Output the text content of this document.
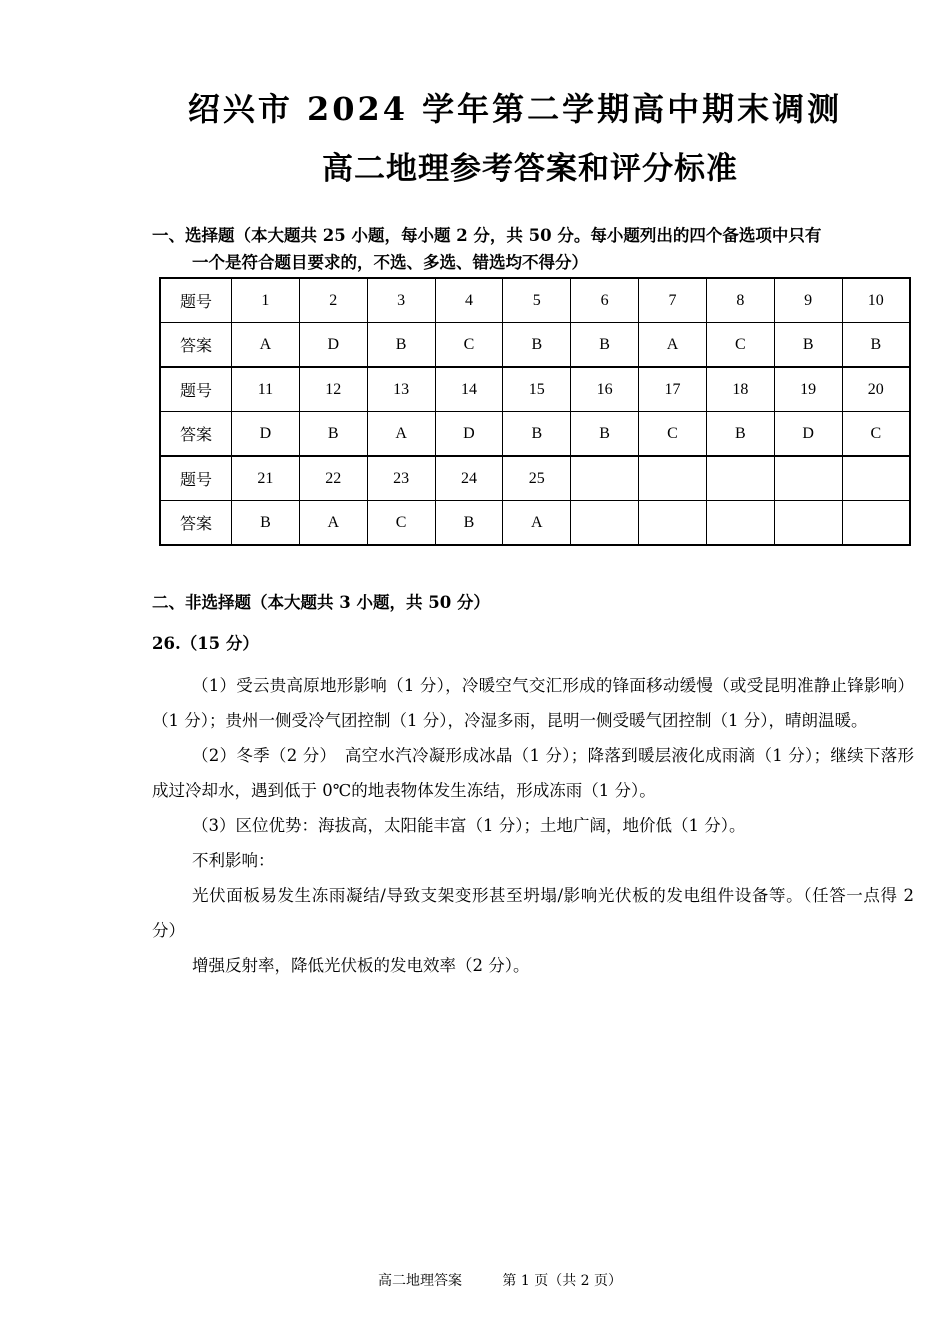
绍兴市 2024 学年第二学期高中期末调测
高二地理参考答案和评分标准
一、选择题（本大题共 25 小题，每小题 2 分，共 50 分。每小题列出的四个备选项中只有
一个是符合题目要求的，不选、多选、错选均不得分）
题号	1	2	3	4	5	6	7	8	9	10
答案	A	D	B	C	B	B	A	C	B	B
题号	11	12	13	14	15	16	17	18	19	20
答案	D	B	A	D	B	B	C	B	D	C
题号	21	22	23	24	25					
答案	B	A	C	B	A					
二、非选择题（本大题共 3 小题，共 50 分）
26.（15 分）

（1）受云贵高原地形影响（1 分），冷暖空气交汇形成的锋面移动缓慢（或受昆明准静止锋影响）（1 分）；贵州一侧受冷气团控制（1 分），冷湿多雨，昆明一侧受暖气团控制（1 分），晴朗温暖。

（2）冬季（2 分）　高空水汽冷凝形成冰晶（1 分）；降落到暖层液化成雨滴（1 分）；继续下落形成过冷却水，遇到低于 0℃的地表物体发生冻结，形成冻雨（1 分）。

（3）区位优势：海拔高，太阳能丰富（1 分）；土地广阔，地价低（1 分）。

不利影响：

光伏面板易发生冻雨凝结/导致支架变形甚至坍塌/影响光伏板的发电组件设备等。（任答一点得 2 分）

增强反射率，降低光伏板的发电效率（2 分）。

高二地理答案	第 1 页（共 2 页）
